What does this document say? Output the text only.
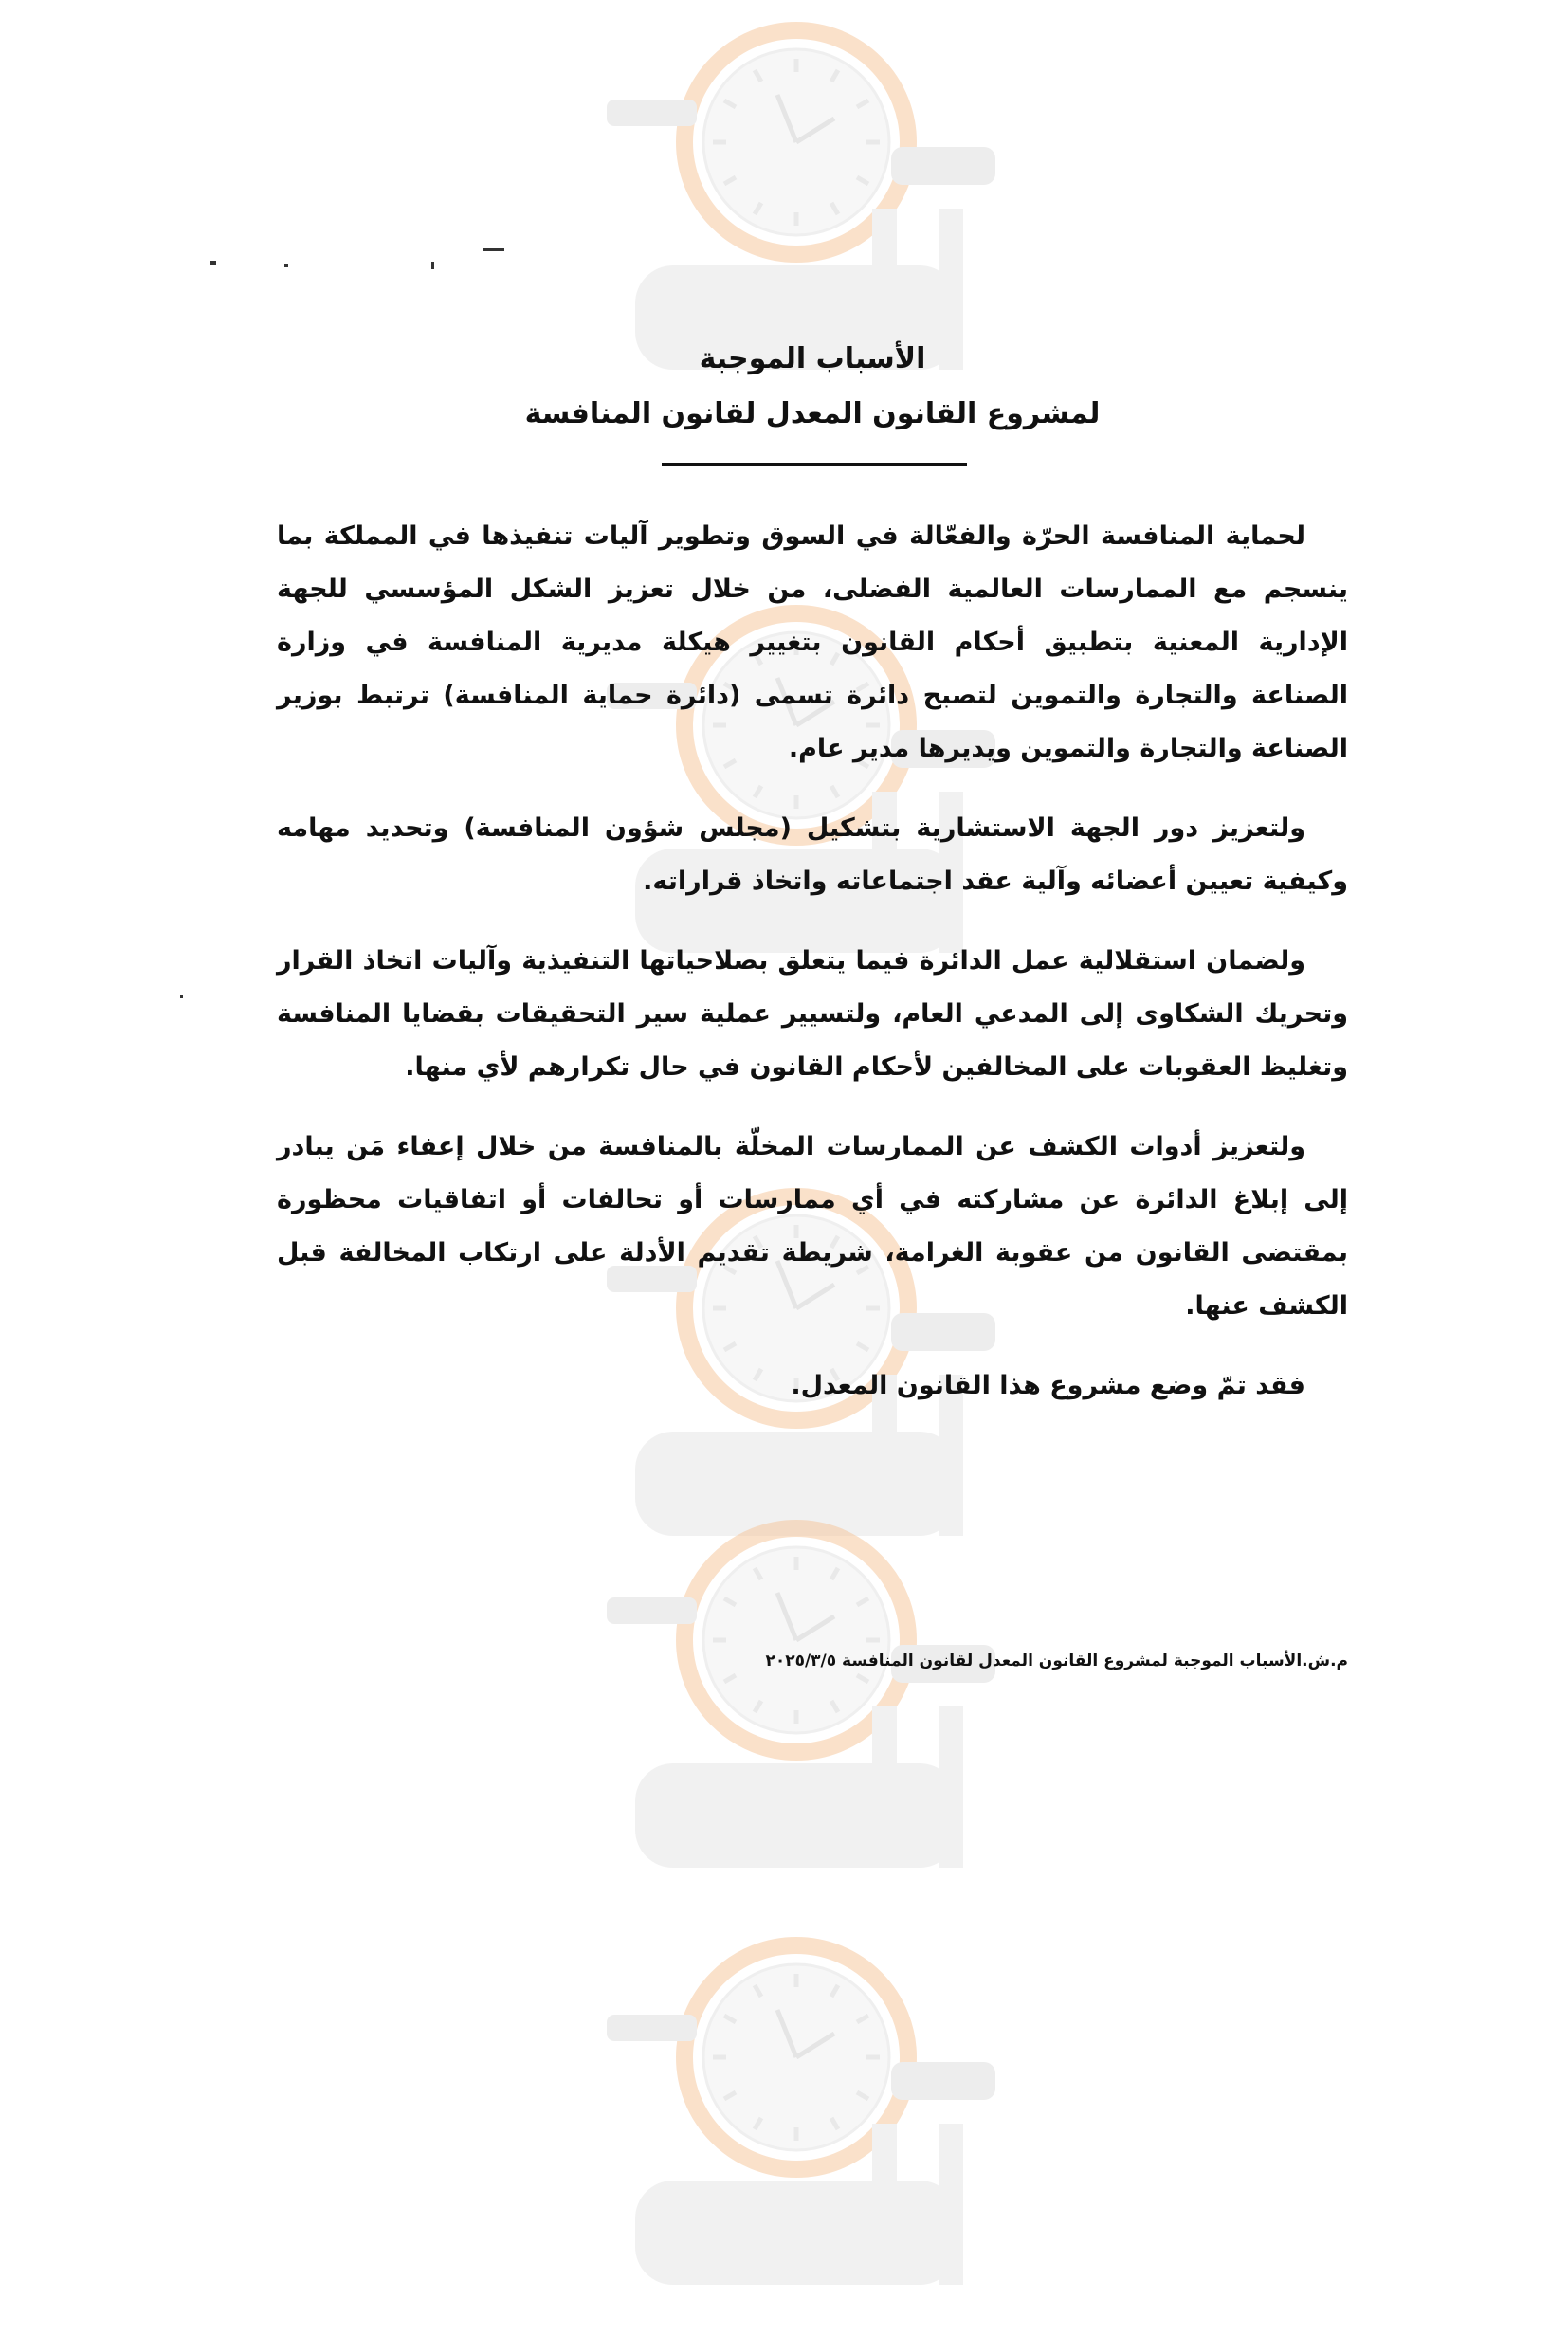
الأسباب الموجبة
لمشروع القانون المعدل لقانون المنافسة

لحماية المنافسة الحرّة والفعّالة في السوق وتطوير آليات تنفيذها في المملكة بما ينسجم مع الممارسات العالمية الفضلى، من خلال تعزيز الشكل المؤسسي للجهة الإدارية المعنية بتطبيق أحكام القانون بتغيير هيكلة مديرية المنافسة في وزارة الصناعة والتجارة والتموين لتصبح دائرة تسمى (دائرة حماية المنافسة) ترتبط بوزير الصناعة والتجارة والتموين ويديرها مدير عام.

ولتعزيز دور الجهة الاستشارية بتشكيل (مجلس شؤون المنافسة) وتحديد مهامه وكيفية تعيين أعضائه وآلية عقد اجتماعاته واتخاذ قراراته.

ولضمان استقلالية عمل الدائرة فيما يتعلق بصلاحياتها التنفيذية وآليات اتخاذ القرار وتحريك الشكاوى إلى المدعي العام، ولتسيير عملية سير التحقيقات بقضايا المنافسة وتغليظ العقوبات على المخالفين لأحكام القانون في حال تكرارهم لأي منها.

ولتعزيز أدوات الكشف عن الممارسات المخلّة بالمنافسة من خلال إعفاء مَن يبادر إلى إبلاغ الدائرة عن مشاركته في أي ممارسات أو تحالفات أو اتفاقيات محظورة بمقتضى القانون من عقوبة الغرامة، شريطة تقديم الأدلة على ارتكاب المخالفة قبل الكشف عنها.

فقد تمّ وضع مشروع هذا القانون المعدل.

م.ش.الأسباب الموجبة لمشروع القانون المعدل لقانون المنافسة ٢٠٢٥/٣/٥
